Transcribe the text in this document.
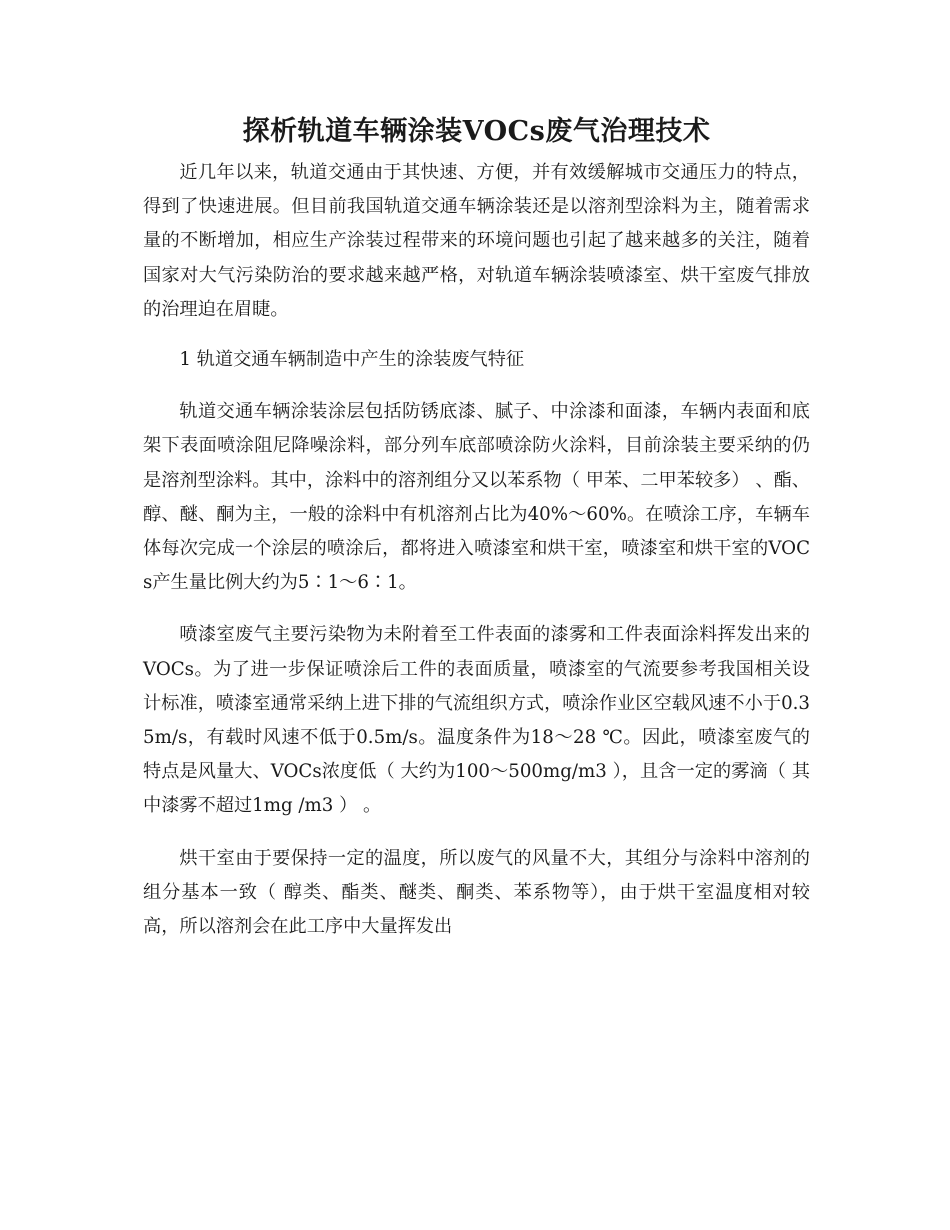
探析轨道车辆涂装VOCs废气治理技术

近几年以来，轨道交通由于其快速、方便，并有效缓解城市交通压力的特点，得到了快速进展。但目前我国轨道交通车辆涂装还是以溶剂型涂料为主，随着需求量的不断增加，相应生产涂装过程带来的环境问题也引起了越来越多的关注，随着国家对大气污染防治的要求越来越严格，对轨道车辆涂装喷漆室、烘干室废气排放的治理迫在眉睫。

1 轨道交通车辆制造中产生的涂装废气特征

轨道交通车辆涂装涂层包括防锈底漆、腻子、中涂漆和面漆，车辆内表面和底架下表面喷涂阻尼降噪涂料，部分列车底部喷涂防火涂料，目前涂装主要采纳的仍是溶剂型涂料。其中，涂料中的溶剂组分又以苯系物（ 甲苯、二甲苯较多） 、酯、醇、醚、酮为主，一般的涂料中有机溶剂占比为40%～60%。在喷涂工序，车辆车体每次完成一个涂层的喷涂后，都将进入喷漆室和烘干室，喷漆室和烘干室的VOCs产生量比例大约为5∶1～6∶1。

喷漆室废气主要污染物为未附着至工件表面的漆雾和工件表面涂料挥发出来的VOCs。为了进一步保证喷涂后工件的表面质量，喷漆室的气流要参考我国相关设计标准，喷漆室通常采纳上进下排的气流组织方式，喷涂作业区空载风速不小于0.35m/s，有载时风速不低于0.5m/s。温度条件为18～28 ℃。因此，喷漆室废气的特点是风量大、VOCs浓度低（ 大约为100～500mg/m3 ），且含一定的雾滴（ 其中漆雾不超过1mg /m3 ） 。

烘干室由于要保持一定的温度，所以废气的风量不大，其组分与涂料中溶剂的组分基本一致（ 醇类、酯类、醚类、酮类、苯系物等），由于烘干室温度相对较高，所以溶剂会在此工序中大量挥发出
